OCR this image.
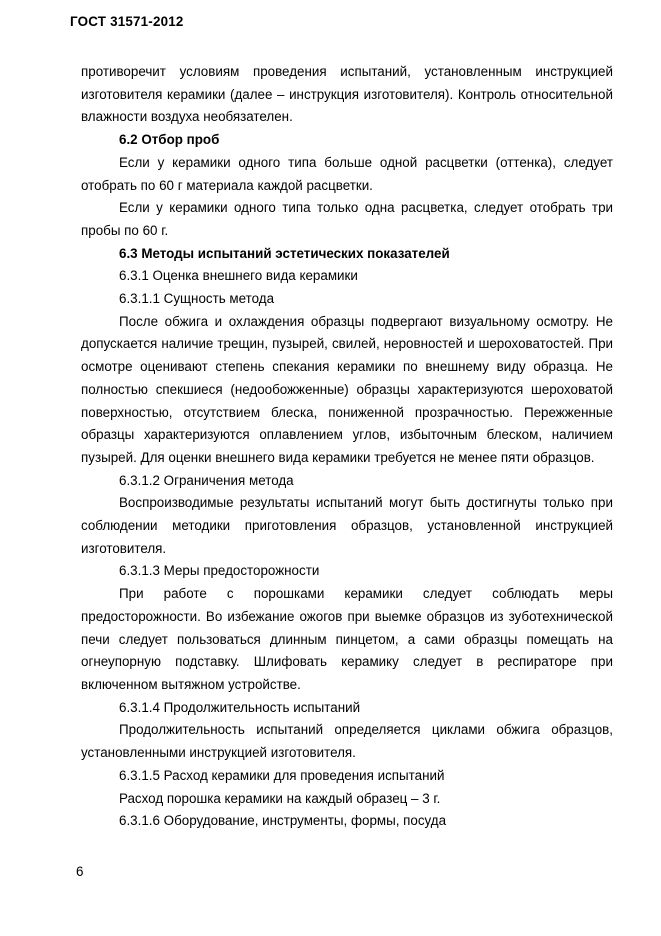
ГОСТ 31571-2012

противоречит условиям проведения испытаний, установленным инструкцией изготовителя керамики (далее – инструкция изготовителя). Контроль относительной влажности воздуха необязателен.

6.2 Отбор проб

Если у керамики одного типа больше одной расцветки (оттенка), следует отобрать по 60 г материала каждой расцветки.

Если у керамики одного типа только одна расцветка, следует отобрать три пробы по 60 г.

6.3 Методы испытаний эстетических показателей

6.3.1 Оценка внешнего вида керамики

6.3.1.1 Сущность метода

После обжига и охлаждения образцы подвергают визуальному осмотру. Не допускается наличие трещин, пузырей, свилей, неровностей и шероховатостей. При осмотре оценивают степень спекания керамики по внешнему виду образца. Не полностью спекшиеся (недообожженные) образцы характеризуются шероховатой поверхностью, отсутствием блеска, пониженной прозрачностью. Пережженные образцы характеризуются оплавлением углов, избыточным блеском, наличием пузырей. Для оценки внешнего вида керамики требуется не менее пяти образцов.

6.3.1.2 Ограничения метода

Воспроизводимые результаты испытаний могут быть достигнуты только при соблюдении методики приготовления образцов, установленной инструкцией изготовителя.

6.3.1.3 Меры предосторожности

При работе с порошками керамики следует соблюдать меры предосторожности. Во избежание ожогов при выемке образцов из зуботехнической печи следует пользоваться длинным пинцетом, а сами образцы помещать на огнеупорную подставку. Шлифовать керамику следует в респираторе при включенном вытяжном устройстве.

6.3.1.4 Продолжительность испытаний

Продолжительность испытаний определяется циклами обжига образцов, установленными инструкцией изготовителя.

6.3.1.5 Расход керамики для проведения испытаний

Расход порошка керамики на каждый образец – 3 г.

6.3.1.6 Оборудование, инструменты, формы, посуда

6
